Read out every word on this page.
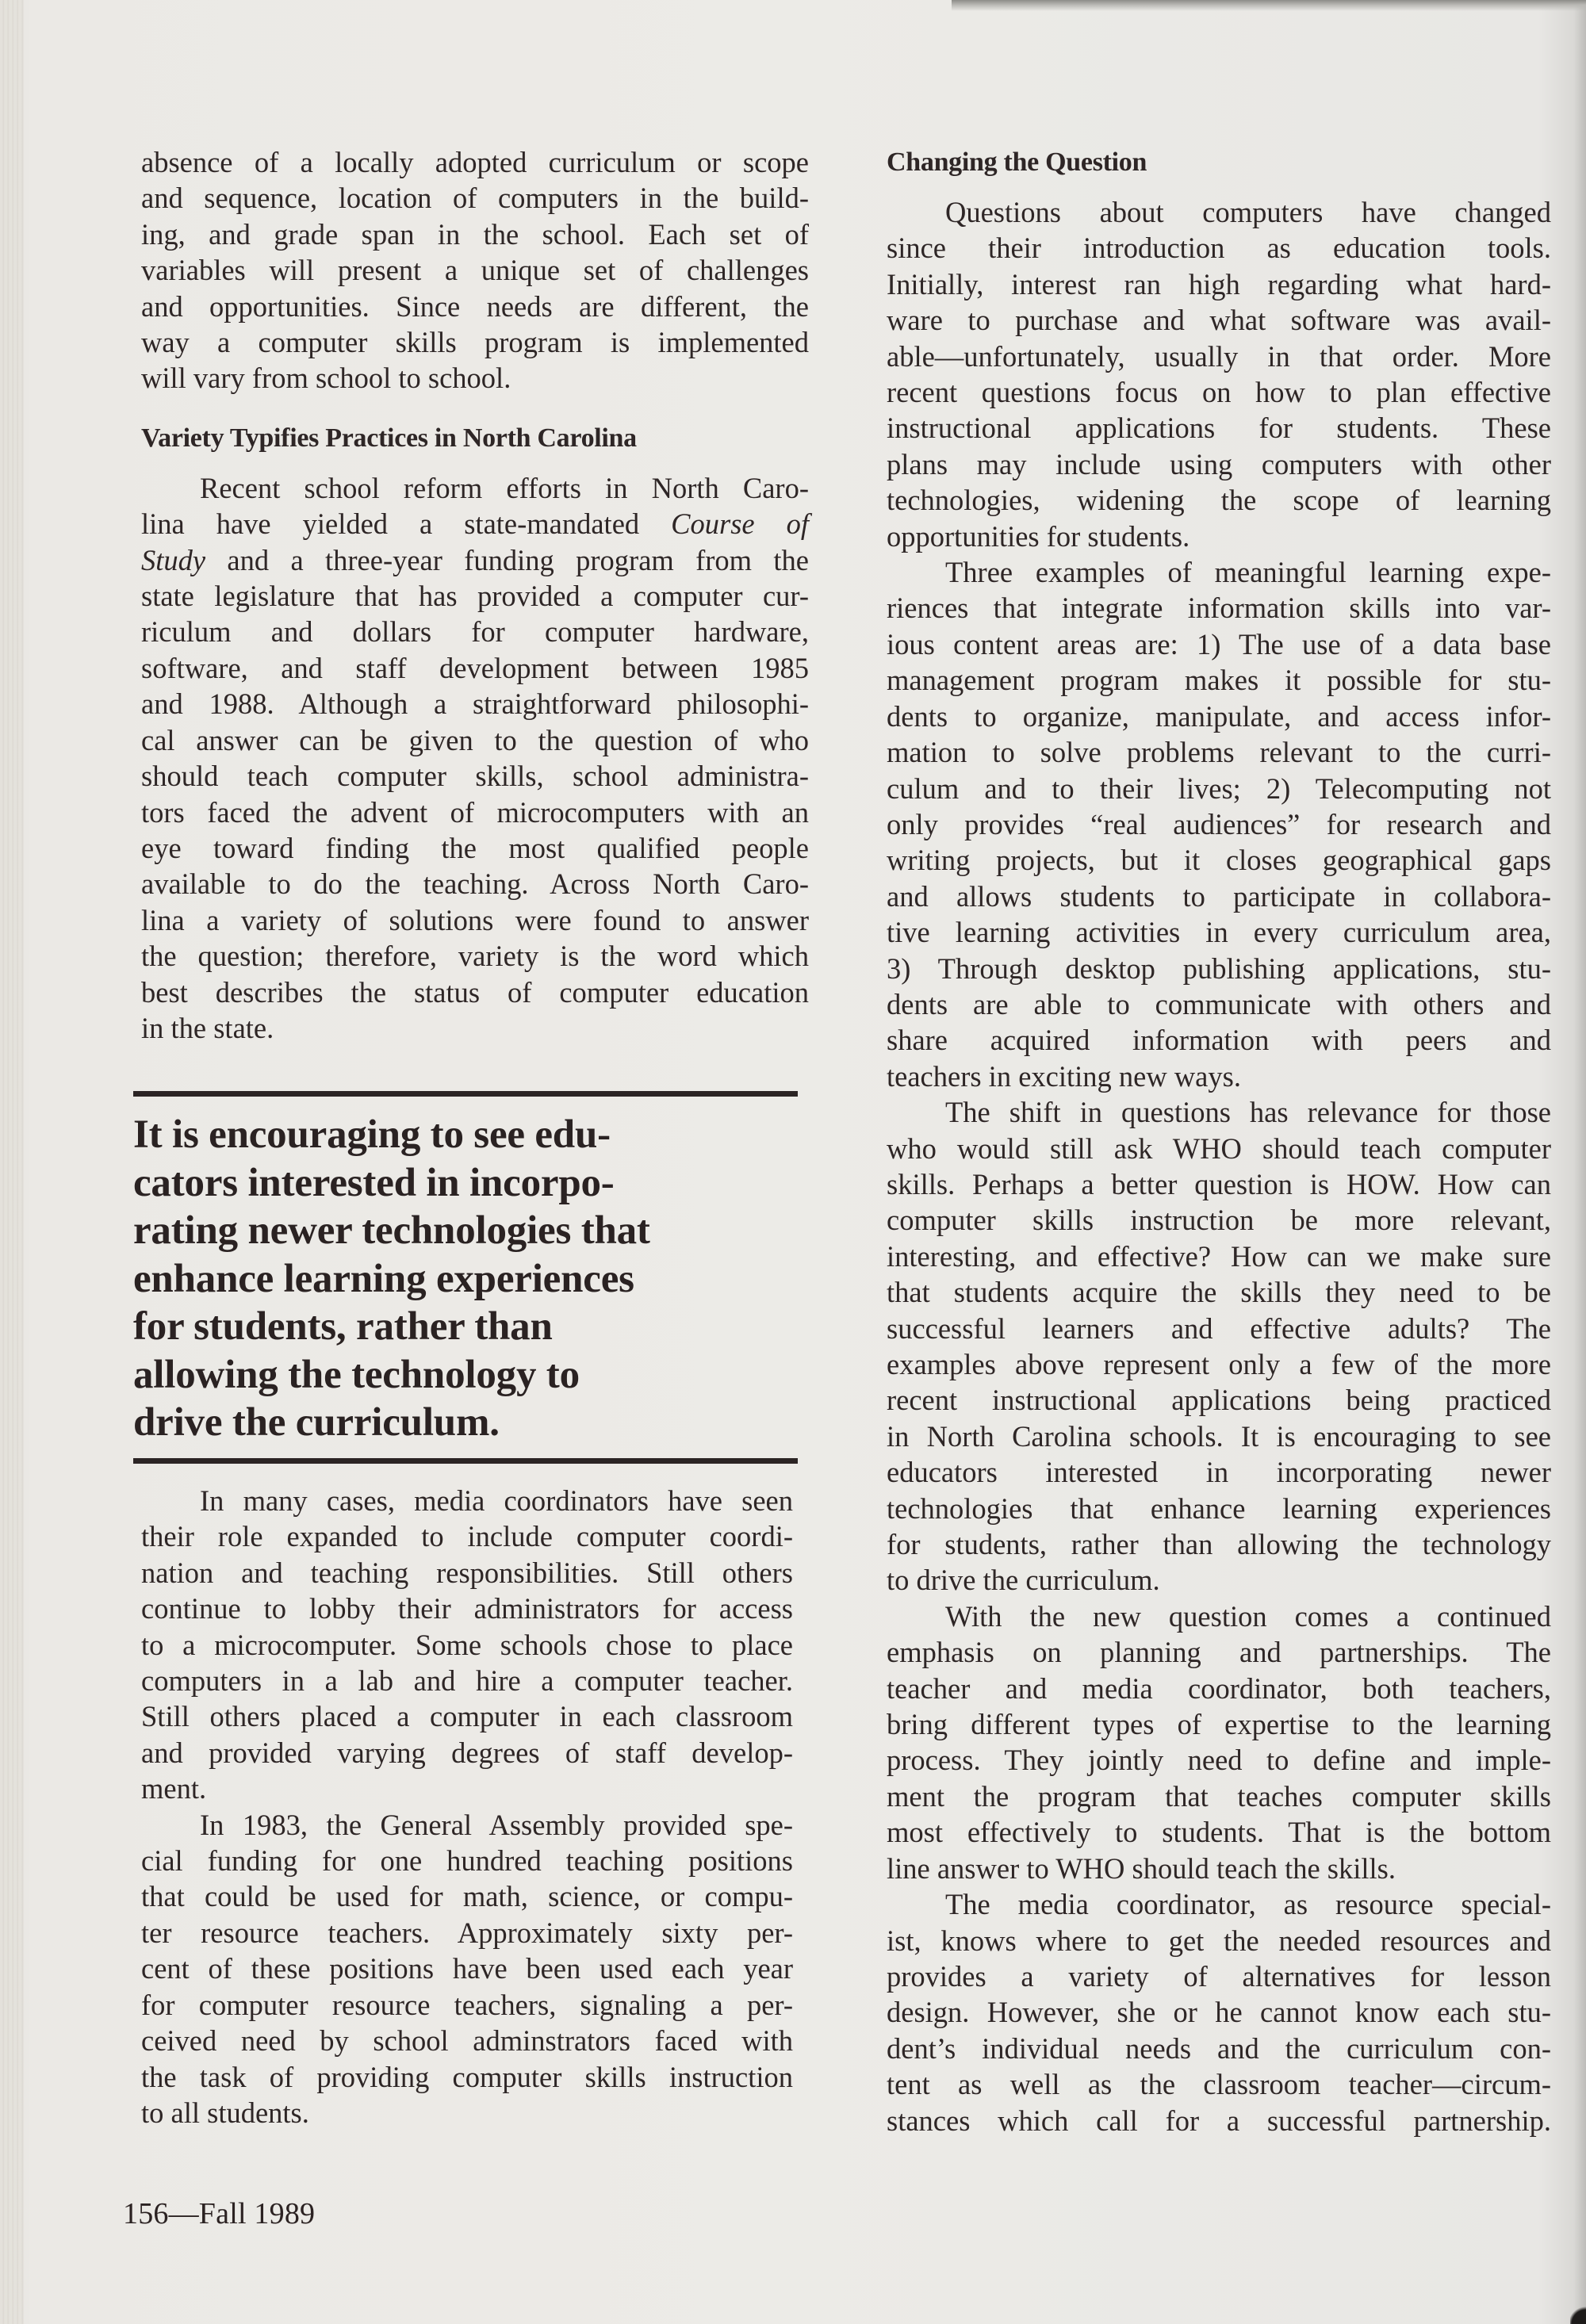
absence of a locally adopted curriculum or scope
and sequence, location of computers in the build-
ing, and grade span in the school. Each set of
variables will present a unique set of challenges
and opportunities. Since needs are different, the
way a computer skills program is implemented
will vary from school to school.

Variety Typifies Practices in North Carolina

Recent school reform efforts in North Caro-
lina have yielded a state-mandated Course of
Study and a three-year funding program from the
state legislature that has provided a computer cur-
riculum and dollars for computer hardware,
software, and staff development between 1985
and 1988. Although a straightforward philosophi-
cal answer can be given to the question of who
should teach computer skills, school administra-
tors faced the advent of microcomputers with an
eye toward finding the most qualified people
available to do the teaching. Across North Caro-
lina a variety of solutions were found to answer
the question; therefore, variety is the word which
best describes the status of computer education
in the state.

It is encouraging to see edu-
cators interested in incorpo-
rating newer technologies that
enhance learning experiences
for students, rather than
allowing the technology to
drive the curriculum.

In many cases, media coordinators have seen
their role expanded to include computer coordi-
nation and teaching responsibilities. Still others
continue to lobby their administrators for access
to a microcomputer. Some schools chose to place
computers in a lab and hire a computer teacher.
Still others placed a computer in each classroom
and provided varying degrees of staff develop-
ment.

In 1983, the General Assembly provided spe-
cial funding for one hundred teaching positions
that could be used for math, science, or compu-
ter resource teachers. Approximately sixty per-
cent of these positions have been used each year
for computer resource teachers, signaling a per-
ceived need by school adminstrators faced with
the task of providing computer skills instruction
to all students.

Changing the Question

Questions about computers have changed
since their introduction as education tools.
Initially, interest ran high regarding what hard-
ware to purchase and what software was avail-
able—unfortunately, usually in that order. More
recent questions focus on how to plan effective
instructional applications for students. These
plans may include using computers with other
technologies, widening the scope of learning
opportunities for students.

Three examples of meaningful learning expe-
riences that integrate information skills into var-
ious content areas are: 1) The use of a data base
management program makes it possible for stu-
dents to organize, manipulate, and access infor-
mation to solve problems relevant to the curri-
culum and to their lives; 2) Telecomputing not
only provides “real audiences” for research and
writing projects, but it closes geographical gaps
and allows students to participate in collabora-
tive learning activities in every curriculum area,
3) Through desktop publishing applications, stu-
dents are able to communicate with others and
share acquired information with peers and
teachers in exciting new ways.

The shift in questions has relevance for those
who would still ask WHO should teach computer
skills. Perhaps a better question is HOW. How can
computer skills instruction be more relevant,
interesting, and effective? How can we make sure
that students acquire the skills they need to be
successful learners and effective adults? The
examples above represent only a few of the more
recent instructional applications being practiced
in North Carolina schools. It is encouraging to see
educators interested in incorporating newer
technologies that enhance learning experiences
for students, rather than allowing the technology
to drive the curriculum.

With the new question comes a continued
emphasis on planning and partnerships. The
teacher and media coordinator, both teachers,
bring different types of expertise to the learning
process. They jointly need to define and imple-
ment the program that teaches computer skills
most effectively to students. That is the bottom
line answer to WHO should teach the skills.

The media coordinator, as resource special-
ist, knows where to get the needed resources and
provides a variety of alternatives for lesson
design. However, she or he cannot know each stu-
dent’s individual needs and the curriculum con-
tent as well as the classroom teacher—circum-
stances which call for a successful partnership.

156—Fall 1989
